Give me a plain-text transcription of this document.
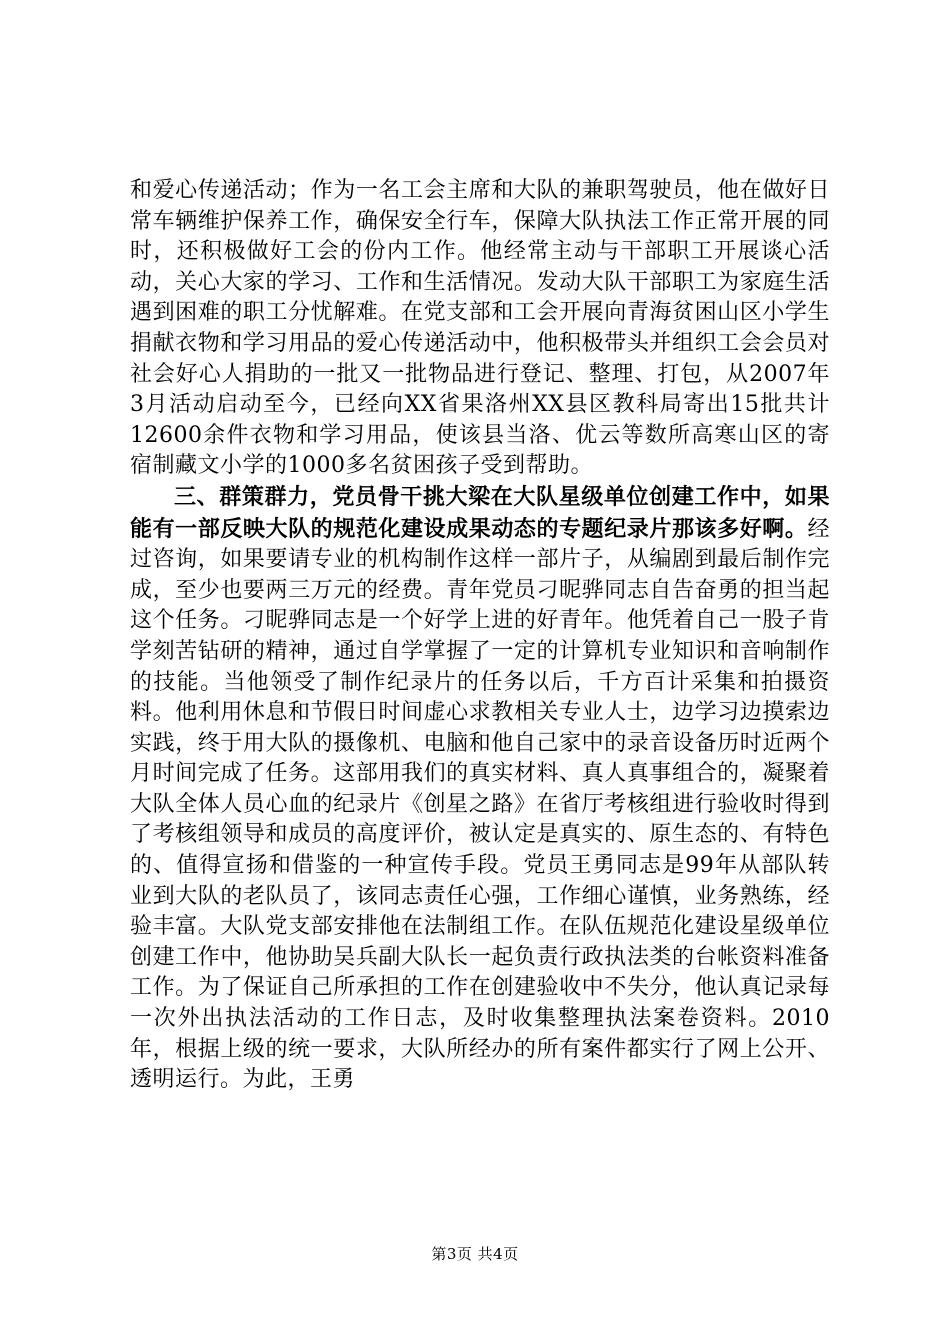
和爱心传递活动；作为一名工会主席和大队的兼职驾驶员，他在做好日常车辆维护保养工作，确保安全行车，保障大队执法工作正常开展的同时，还积极做好工会的份内工作。他经常主动与干部职工开展谈心活动，关心大家的学习、工作和生活情况。发动大队干部职工为家庭生活遇到困难的职工分忧解难。在党支部和工会开展向青海贫困山区小学生捐献衣物和学习用品的爱心传递活动中，他积极带头并组织工会会员对社会好心人捐助的一批又一批物品进行登记、整理、打包，从2007年3月活动启动至今，已经向XX省果洛州XX县区教科局寄出15批共计12600余件衣物和学习用品，使该县当洛、优云等数所高寒山区的寄宿制藏文小学的1000多名贫困孩子受到帮助。

三、群策群力，党员骨干挑大梁在大队星级单位创建工作中，如果能有一部反映大队的规范化建设成果动态的专题纪录片那该多好啊。经过咨询，如果要请专业的机构制作这样一部片子，从编剧到最后制作完成，至少也要两三万元的经费。青年党员刁昵骅同志自告奋勇的担当起这个任务。刁昵骅同志是一个好学上进的好青年。他凭着自己一股子肯学刻苦钻研的精神，通过自学掌握了一定的计算机专业知识和音响制作的技能。当他领受了制作纪录片的任务以后，千方百计采集和拍摄资料。他利用休息和节假日时间虚心求教相关专业人士，边学习边摸索边实践，终于用大队的摄像机、电脑和他自己家中的录音设备历时近两个月时间完成了任务。这部用我们的真实材料、真人真事组合的，凝聚着大队全体人员心血的纪录片《创星之路》在省厅考核组进行验收时得到了考核组领导和成员的高度评价，被认定是真实的、原生态的、有特色的、值得宣扬和借鉴的一种宣传手段。党员王勇同志是99年从部队转业到大队的老队员了，该同志责任心强，工作细心谨慎，业务熟练，经验丰富。大队党支部安排他在法制组工作。在队伍规范化建设星级单位创建工作中，他协助吴兵副大队长一起负责行政执法类的台帐资料准备工作。为了保证自己所承担的工作在创建验收中不失分，他认真记录每一次外出执法活动的工作日志，及时收集整理执法案卷资料。2010年，根据上级的统一要求，大队所经办的所有案件都实行了网上公开、透明运行。为此，王勇

第3页 共4页
